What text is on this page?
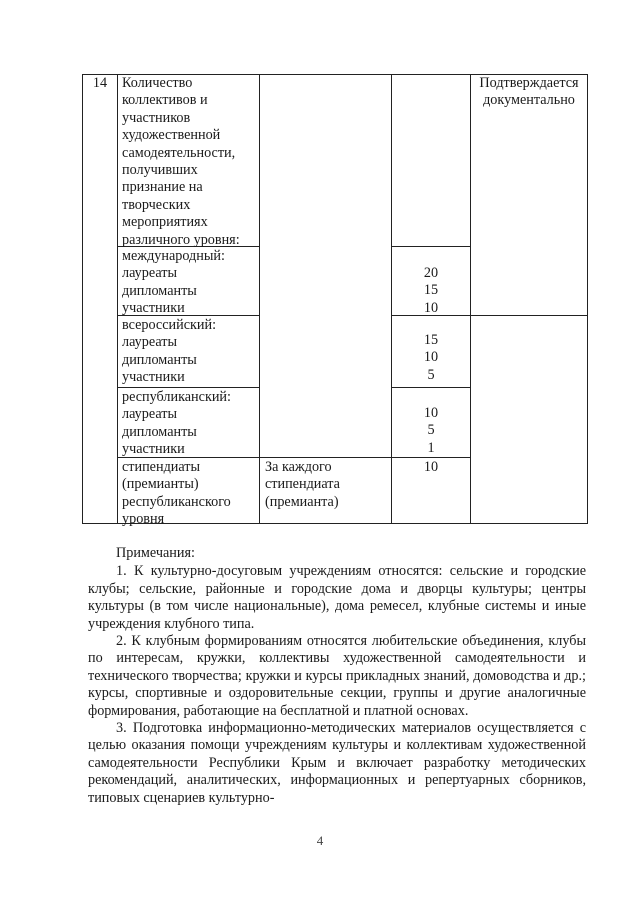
14	Количество
коллективов и
участников
художественной
самодеятельности,
получивших
признание на
творческих
мероприятиях
различного уровня:
Подтверждается
документально
международный:
лауреаты
дипломанты
участники
20
15
10
всероссийский:
лауреаты
дипломанты
участники
15
10
5
республиканский:
лауреаты
дипломанты
участники
10
5
1
стипендиаты
(премианты)
республиканского
уровня
За каждого
стипендиата
(премианта)
10

Примечания:

1. К культурно-досуговым учреждениям относятся: сельские и городские клубы; сельские, районные и городские дома и дворцы культуры; центры культуры (в том числе национальные), дома ремесел, клубные системы и иные учреждения клубного типа.

2. К клубным формированиям относятся любительские объединения, клубы по интересам, кружки, коллективы художественной самодеятельности и технического творчества; кружки и курсы прикладных знаний, домоводства и др.; курсы, спортивные и оздоровительные секции, группы и другие аналогичные формирования, работающие на бесплатной и платной основах.

3. Подготовка информационно-методических материалов осуществляется с целью оказания помощи учреждениям культуры и коллективам художественной самодеятельности Республики Крым и включает разработку методических рекомендаций, аналитических, информационных и репертуарных сборников, типовых сценариев культурно-

4
